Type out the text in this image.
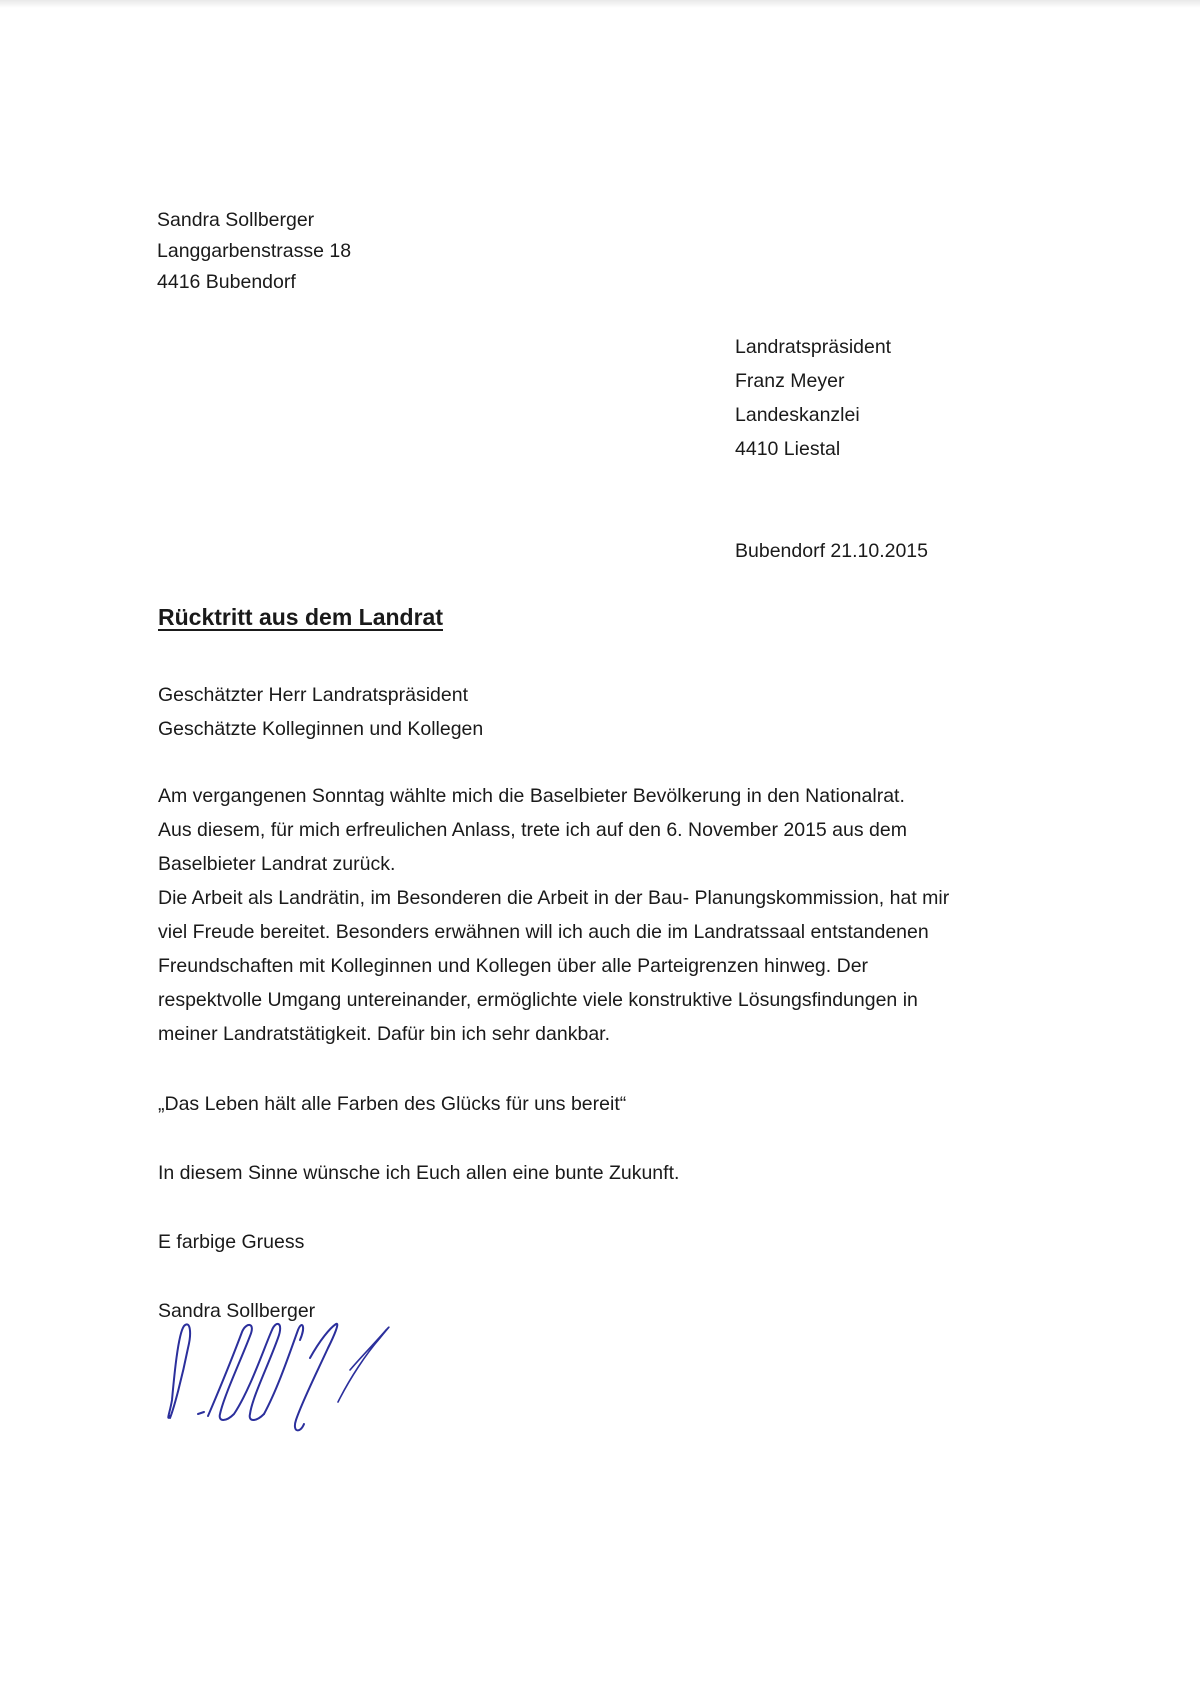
Sandra Sollberger
Langgarbenstrasse 18
4416 Bubendorf
Landratspräsident
Franz Meyer
Landeskanzlei
4410 Liestal
Bubendorf 21.10.2015
Rücktritt aus dem Landrat
Geschätzter Herr Landratspräsident
Geschätzte Kolleginnen und Kollegen
Am vergangenen Sonntag wählte mich die Baselbieter Bevölkerung in den Nationalrat.
Aus diesem, für mich erfreulichen Anlass, trete ich auf den 6. November 2015 aus dem
Baselbieter Landrat zurück.
Die Arbeit als Landrätin, im Besonderen die Arbeit in der Bau- Planungskommission, hat mir
viel Freude bereitet. Besonders erwähnen will ich auch die im Landratssaal entstandenen
Freundschaften mit Kolleginnen und Kollegen über alle Parteigrenzen hinweg. Der
respektvolle Umgang untereinander, ermöglichte viele konstruktive Lösungsfindungen in
meiner Landratstätigkeit. Dafür bin ich sehr dankbar.
„Das Leben hält alle Farben des Glücks für uns bereit“
In diesem Sinne wünsche ich Euch allen eine bunte Zukunft.
E farbige Gruess
Sandra Sollberger
